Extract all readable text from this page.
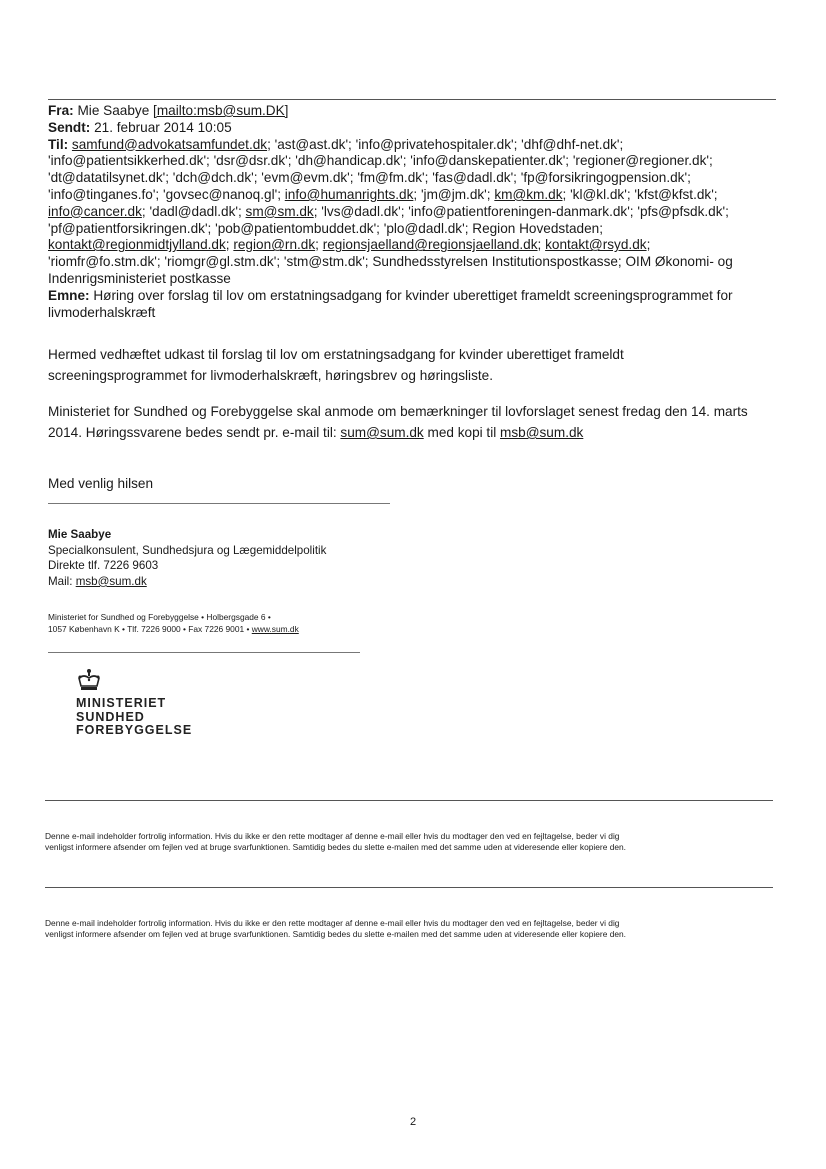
Fra: Mie Saabye [mailto:msb@sum.DK]
Sendt: 21. februar 2014 10:05
Til: samfund@advokatsamfundet.dk; 'ast@ast.dk'; 'info@privatehospitaler.dk'; 'dhf@dhf-net.dk';
'info@patientsikkerhed.dk'; 'dsr@dsr.dk'; 'dh@handicap.dk'; 'info@danskepatienter.dk'; 'regioner@regioner.dk';
'dt@datatilsynet.dk'; 'dch@dch.dk'; 'evm@evm.dk'; 'fm@fm.dk'; 'fas@dadl.dk'; 'fp@forsikringogpension.dk';
'info@tinganes.fo'; 'govsec@nanoq.gl'; info@humanrights.dk; 'jm@jm.dk'; km@km.dk; 'kl@kl.dk'; 'kfst@kfst.dk';
info@cancer.dk; 'dadl@dadl.dk'; sm@sm.dk; 'lvs@dadl.dk'; 'info@patientforeningen-danmark.dk'; 'pfs@pfsdk.dk';
'pf@patientforsikringen.dk'; 'pob@patientombuddet.dk'; 'plo@dadl.dk'; Region Hovedstaden;
kontakt@regionmidtjylland.dk; region@rn.dk; regionsjaelland@regionsjaelland.dk; kontakt@rsyd.dk;
'riomfr@fo.stm.dk'; 'riomgr@gl.stm.dk'; 'stm@stm.dk'; Sundhedsstyrelsen Institutionspostkasse; OIM Økonomi- og
Indenrigsministeriet postkasse
Emne: Høring over forslag til lov om erstatningsadgang for kvinder uberettiget frameldt screeningsprogrammet for
livmoderhalskræft
Hermed vedhæftet udkast til forslag til lov om erstatningsadgang for kvinder uberettiget frameldt
screeningsprogrammet for livmoderhalskræft, høringsbrev og høringsliste.
Ministeriet for Sundhed og Forebyggelse skal anmode om bemærkninger til lovforslaget senest fredag den 14. marts
2014. Høringssvarene bedes sendt pr. e-mail til: sum@sum.dk med kopi til msb@sum.dk
Med venlig hilsen
Mie Saabye
Specialkonsulent, Sundhedsjura og Lægemiddelpolitik
Direkte tlf. 7226 9603
Mail: msb@sum.dk
Ministeriet for Sundhed og Forebyggelse • Holbergsgade 6 •
1057 København K • Tlf. 7226 9000 • Fax 7226 9001 • www.sum.dk
MINISTERIET
SUNDHED
FOREBYGGELSE
Denne e-mail indeholder fortrolig information. Hvis du ikke er den rette modtager af denne e-mail eller hvis du modtager den ved en fejltagelse, beder vi dig
venligst informere afsender om fejlen ved at bruge svarfunktionen. Samtidig bedes du slette e-mailen med det samme uden at videresende eller kopiere den.
Denne e-mail indeholder fortrolig information. Hvis du ikke er den rette modtager af denne e-mail eller hvis du modtager den ved en fejltagelse, beder vi dig
venligst informere afsender om fejlen ved at bruge svarfunktionen. Samtidig bedes du slette e-mailen med det samme uden at videresende eller kopiere den.
2
